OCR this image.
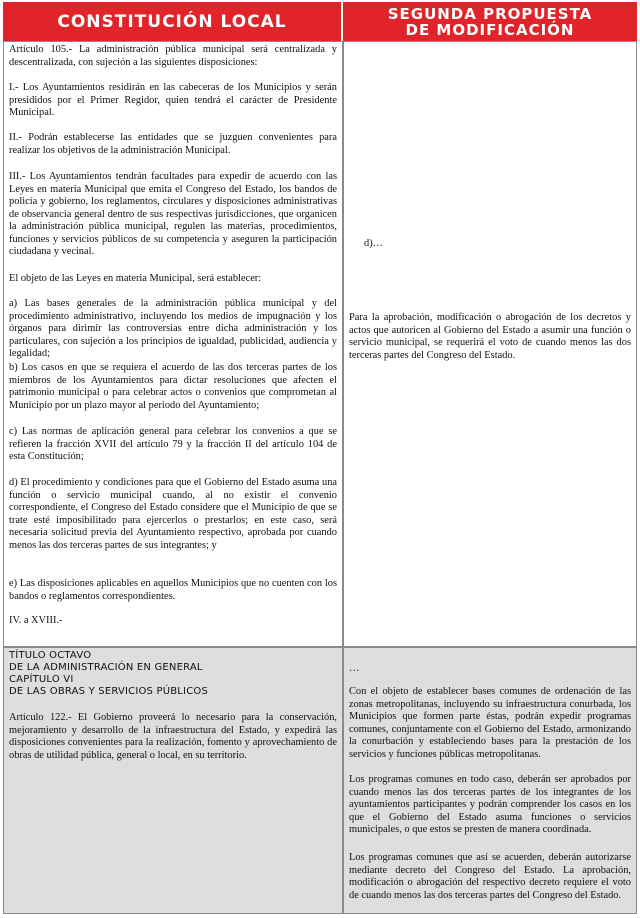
CONSTITUCIÓN LOCAL	SEGUNDA PROPUESTA
DE MODIFICACIÓN

Artículo 105.- La administración pública municipal será centralizada y descentralizada, con sujeción a las siguientes disposiciones:

I.- Los Ayuntamientos residirán en las cabeceras de los Municipios y serán presididos por el Primer Regidor, quien tendrá el carácter de Presidente Municipal.

II.- Podrán establecerse las entidades que se juzguen convenientes para realizar los objetivos de la administración Municipal.

III.- Los Ayuntamientos tendrán facultades para expedir de acuerdo con las Leyes en materia Municipal que emita el Congreso del Estado, los bandos de policía y gobierno, los reglamentos, circulares y disposiciones administrativas de observancia general dentro de sus respectivas jurisdicciones, que organicen la administración pública municipal, regulen las materias, procedimientos, funciones y servicios públicos de su competencia y aseguren la participación ciudadana y vecinal.

El objeto de las Leyes en materia Municipal, será establecer:

a) Las bases generales de la administración pública municipal y del procedimiento administrativo, incluyendo los medios de impugnación y los órganos para dirimir las controversias entre dicha administración y los particulares, con sujeción a los principios de igualdad, publicidad, audiencia y legalidad;

b) Los casos en que se requiera el acuerdo de las dos terceras partes de los miembros de los Ayuntamientos para dictar resoluciones que afecten el patrimonio municipal o para celebrar actos o convenios que comprometan al Municipio por un plazo mayor al periodo del Ayuntamiento;

c) Las normas de aplicación general para celebrar los convenios a que se refieren la fracción XVII del artículo 79 y la fracción II del artículo 104 de esta Constitución;

d) El procedimiento y condiciones para que el Gobierno del Estado asuma una función o servicio municipal cuando, al no existir el convenio correspondiente, el Congreso del Estado considere que el Municipio de que se trate esté imposibilitado para ejercerlos o prestarlos; en este caso, será necesaria solicitud previa del Ayuntamiento respectivo, aprobada por cuando menos las dos terceras partes de sus integrantes; y

e) Las disposiciones aplicables en aquellos Municipios que no cuenten con los bandos o reglamentos correspondientes.

IV. a XVIII.-

d)…

Para la aprobación, modificación o abrogación de los decretos y actos que autoricen al Gobierno del Estado a asumir una función o servicio municipal, se requerirá el voto de cuando menos las dos terceras partes del Congreso del Estado.

TÍTULO OCTAVO
DE LA ADMINISTRACIÓN EN GENERAL
CAPÍTULO VI
DE LAS OBRAS Y SERVICIOS PÚBLICOS

Artículo 122.- El Gobierno proveerá lo necesario para la conservación, mejoramiento y desarrollo de la infraestructura del Estado, y expedirá las disposiciones convenientes para la realización, fomento y aprovechamiento de obras de utilidad pública, general o local, en su territorio.

…

Con el objeto de establecer bases comunes de ordenación de las zonas metropolitanas, incluyendo su infraestructura conurbada, los Municipios que formen parte éstas, podrán expedir programas comunes, conjuntamente con el Gobierno del Estado, armonizando la conurbación y estableciendo bases para la prestación de los servicios y funciones públicas metropolitanas.

Los programas comunes en todo caso, deberán ser aprobados por cuando menos las dos terceras partes de los integrantes de los ayuntamientos participantes y podrán comprender los casos en los que el Gobierno del Estado asuma funciones o servicios municipales, o que estos se presten de manera coordinada.

Los programas comunes que así se acuerden, deberán autorizarse mediante decreto del Congreso del Estado. La aprobación, modificación o abrogación del respectivo decreto requiere el voto de cuando menos las dos terceras partes del Congreso del Estado.
